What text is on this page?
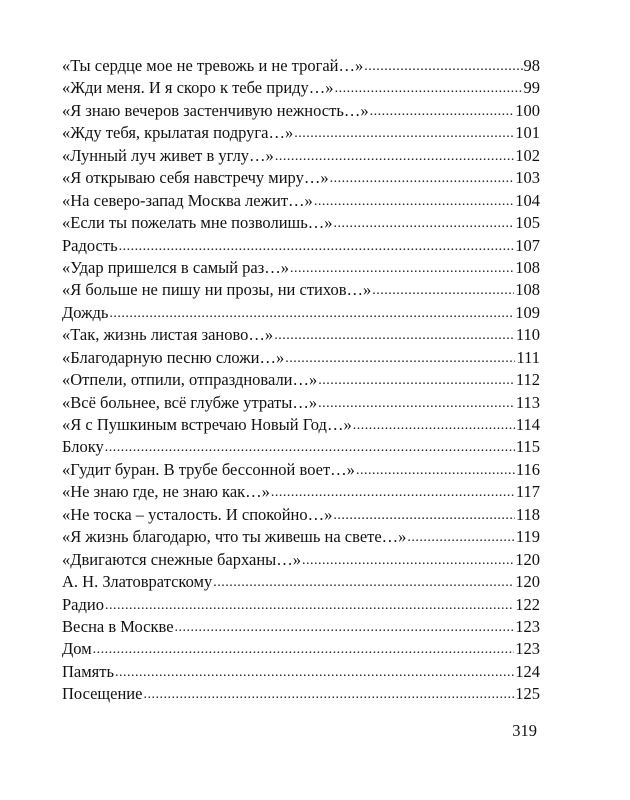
«Ты сердце мое не тревожь и не трогай…» .....	98
«Жди меня. И я скоро к тебе приду…» .....	99
«Я знаю вечеров застенчивую нежность…» .....	100
«Жду тебя, крылатая подруга…» .....	101
«Лунный луч живет в углу…» .....	102
«Я открываю себя навстречу миру…» .....	103
«На северо-запад Москва лежит…» .....	104
«Если ты пожелать мне позволишь…» .....	105
Радость .....	107
«Удар пришелся в самый раз…» .....	108
«Я больше не пишу ни прозы, ни стихов…» .....	108
Дождь .....	109
«Так, жизнь листая заново…» .....	110
«Благодарную песню сложи…» .....	111
«Отпели, отпили, отпраздновали…» .....	112
«Всё больнее, всё глубже утраты…» .....	113
«Я с Пушкиным встречаю Новый Год…» .....	114
Блоку .....	115
«Гудит буран. В трубе бессонной воет…» .....	116
«Не знаю где, не знаю как…» .....	117
«Не тоска – усталость. И спокойно…» .....	118
«Я жизнь благодарю, что ты живешь на свете…» .....	119
«Двигаются снежные барханы…» .....	120
А. Н. Златовратскому .....	120
Радио .....	122
Весна в Москве .....	123
Дом .....	123
Память .....	124
Посещение .....	125
319
